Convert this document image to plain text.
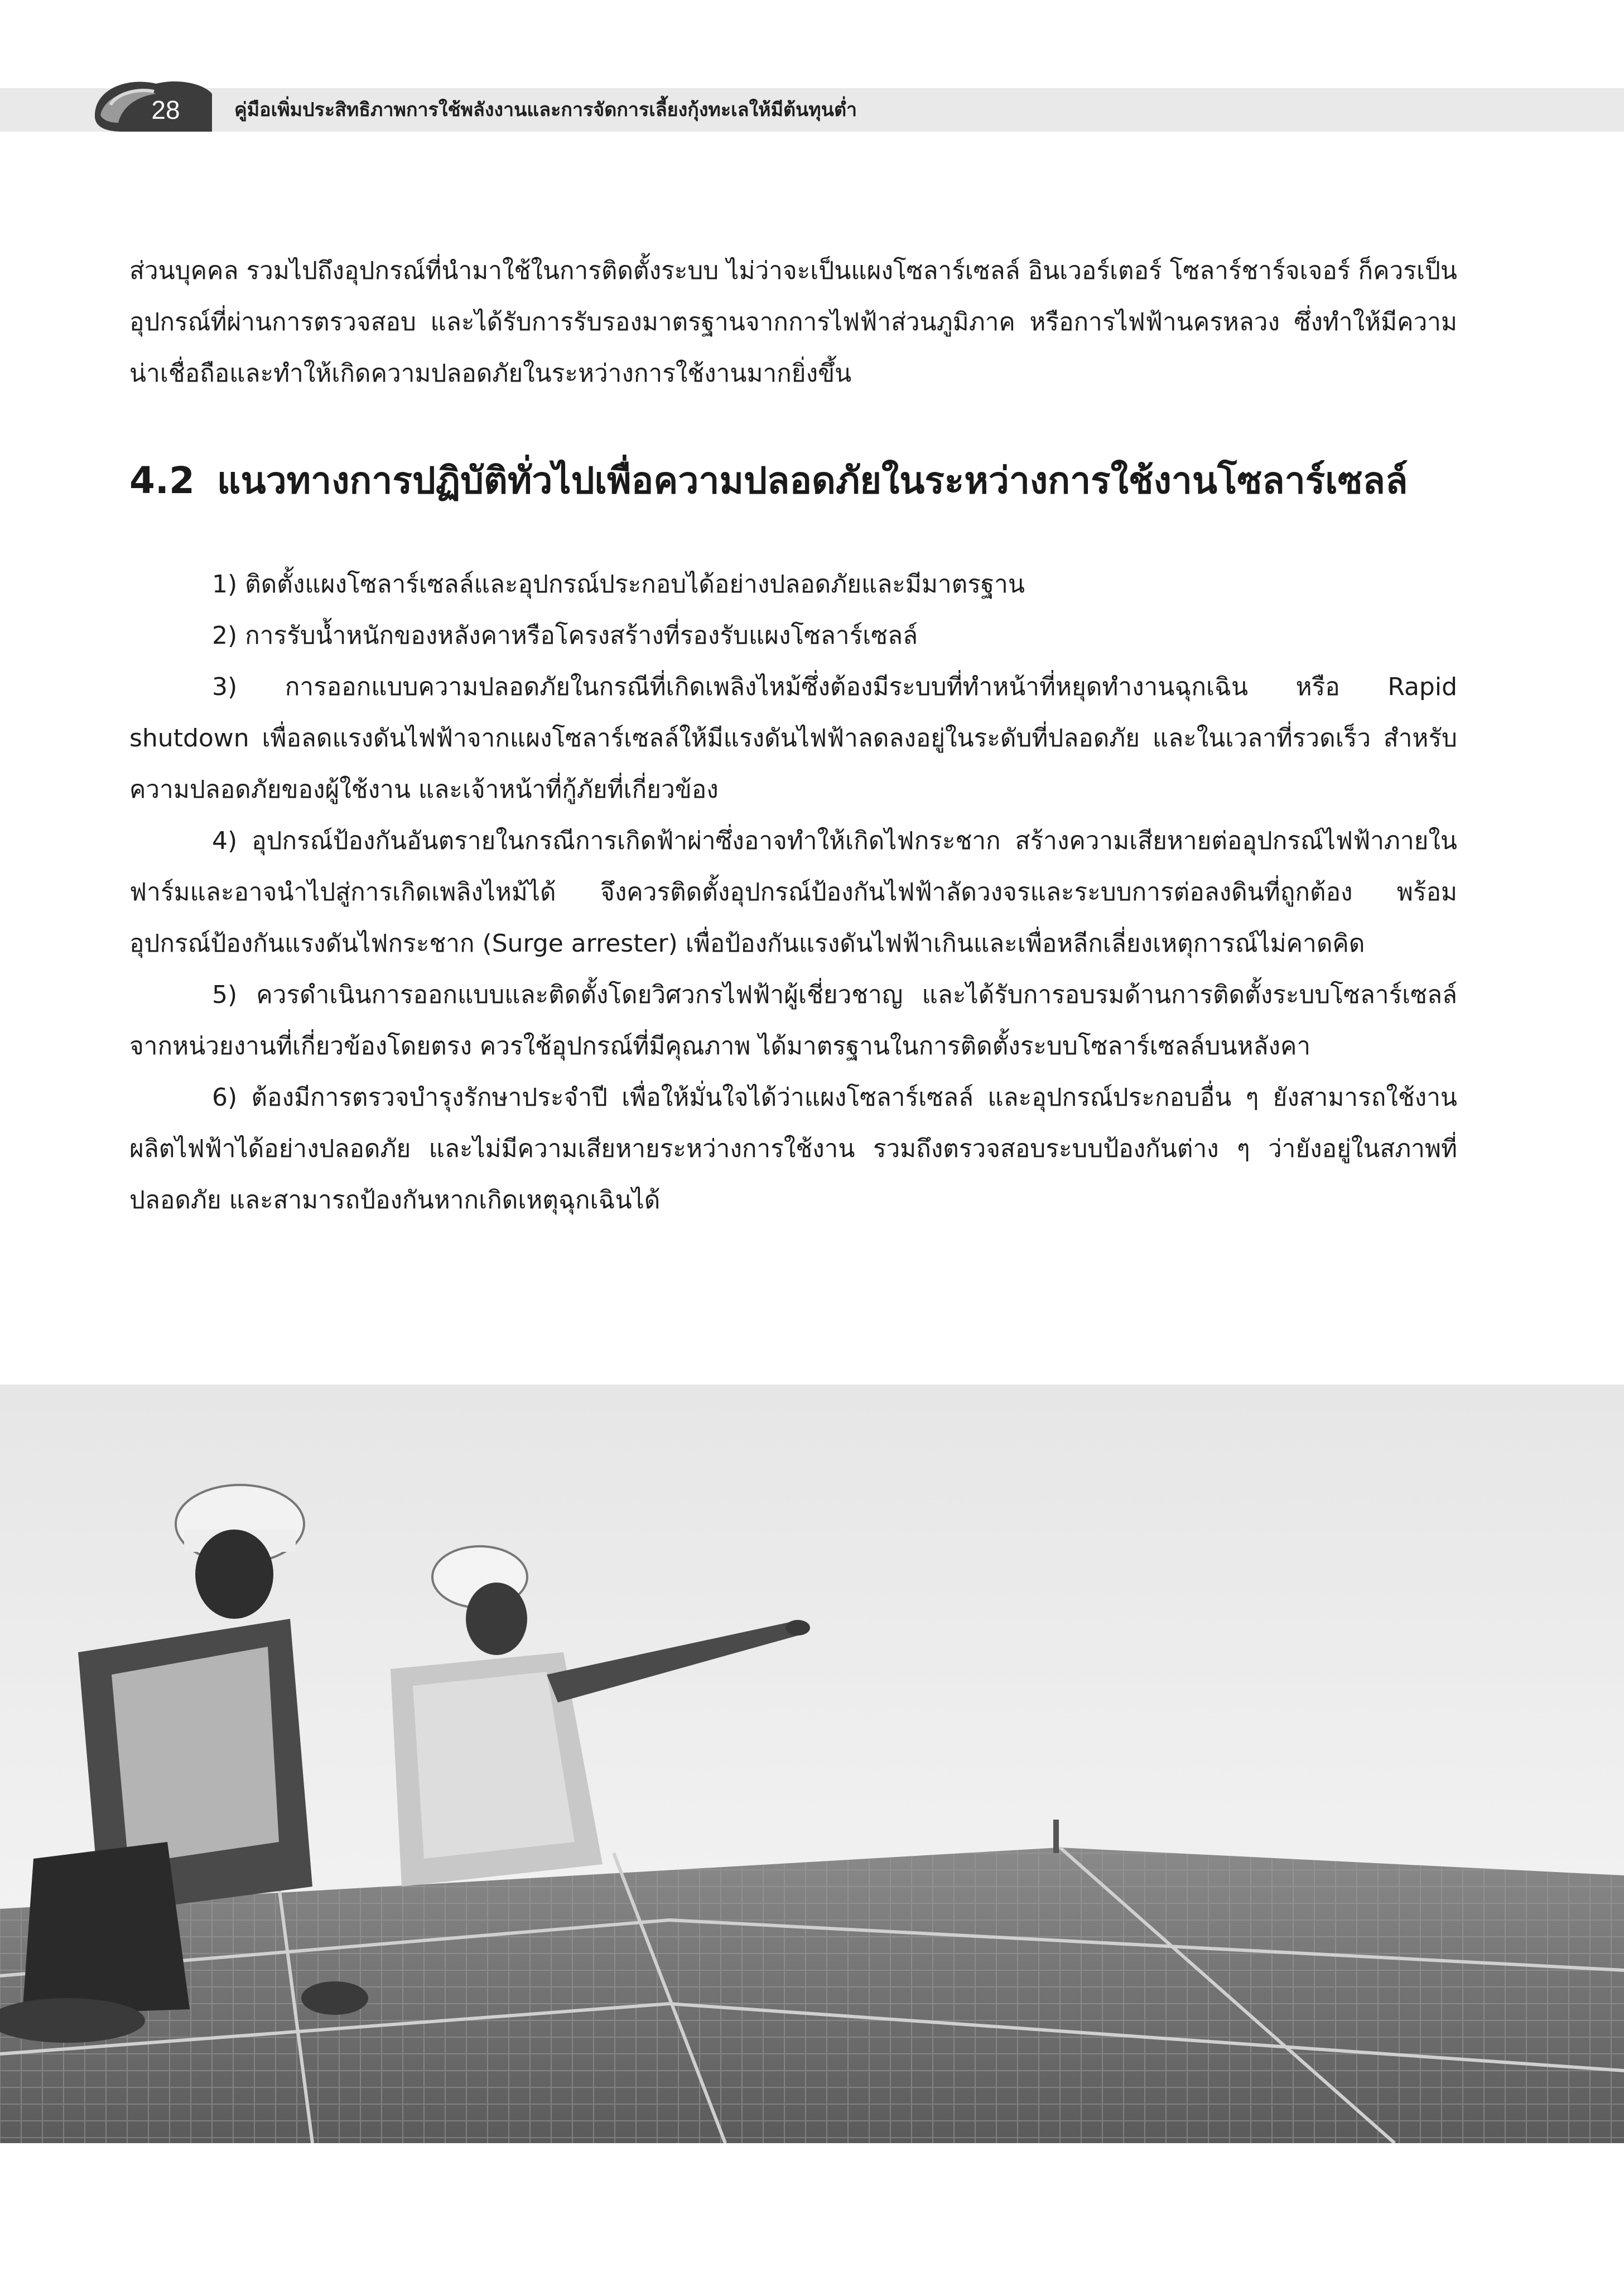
28	คู่มือเพิ่มประสิทธิภาพการใช้พลังงานและการจัดการเลี้ยงกุ้งทะเลให้มีต้นทุนต่ำ

ส่วนบุคคล รวมไปถึงอุปกรณ์ที่นำมาใช้ในการติดตั้งระบบ ไม่ว่าจะเป็นแผงโซลาร์เซลล์ อินเวอร์เตอร์ โซลาร์ชาร์จเจอร์ ก็ควรเป็นอุปกรณ์ที่ผ่านการตรวจสอบ และได้รับการรับรองมาตรฐานจากการไฟฟ้าส่วนภูมิภาค หรือการไฟฟ้านครหลวง ซึ่งทำให้มีความน่าเชื่อถือและทำให้เกิดความปลอดภัยในระหว่างการใช้งานมากยิ่งขึ้น

4.2 แนวทางการปฏิบัติทั่วไปเพื่อความปลอดภัยในระหว่างการใช้งานโซลาร์เซลล์

1) ติดตั้งแผงโซลาร์เซลล์และอุปกรณ์ประกอบได้อย่างปลอดภัยและมีมาตรฐาน

2) การรับน้ำหนักของหลังคาหรือโครงสร้างที่รองรับแผงโซลาร์เซลล์

3) การออกแบบความปลอดภัยในกรณีที่เกิดเพลิงไหม้ซึ่งต้องมีระบบที่ทำหน้าที่หยุดทำงานฉุกเฉิน หรือ Rapid shutdown เพื่อลดแรงดันไฟฟ้าจากแผงโซลาร์เซลล์ให้มีแรงดันไฟฟ้าลดลงอยู่ในระดับที่ปลอดภัย และในเวลาที่รวดเร็ว สำหรับความปลอดภัยของผู้ใช้งาน และเจ้าหน้าที่กู้ภัยที่เกี่ยวข้อง

4) อุปกรณ์ป้องกันอันตรายในกรณีการเกิดฟ้าผ่าซึ่งอาจทำให้เกิดไฟกระชาก สร้างความเสียหายต่ออุปกรณ์ไฟฟ้าภายในฟาร์มและอาจนำไปสู่การเกิดเพลิงไหม้ได้ จึงควรติดตั้งอุปกรณ์ป้องกันไฟฟ้าลัดวงจรและระบบการต่อลงดินที่ถูกต้อง พร้อมอุปกรณ์ป้องกันแรงดันไฟกระชาก (Surge arrester) เพื่อป้องกันแรงดันไฟฟ้าเกินและเพื่อหลีกเลี่ยงเหตุการณ์ไม่คาดคิด

5) ควรดำเนินการออกแบบและติดตั้งโดยวิศวกรไฟฟ้าผู้เชี่ยวชาญ และได้รับการอบรมด้านการติดตั้งระบบโซลาร์เซลล์จากหน่วยงานที่เกี่ยวข้องโดยตรง ควรใช้อุปกรณ์ที่มีคุณภาพ ได้มาตรฐานในการติดตั้งระบบโซลาร์เซลล์บนหลังคา

6) ต้องมีการตรวจบำรุงรักษาประจำปี เพื่อให้มั่นใจได้ว่าแผงโซลาร์เซลล์ และอุปกรณ์ประกอบอื่น ๆ ยังสามารถใช้งานผลิตไฟฟ้าได้อย่างปลอดภัย และไม่มีความเสียหายระหว่างการใช้งาน รวมถึงตรวจสอบระบบป้องกันต่าง ๆ ว่ายังอยู่ในสภาพที่ปลอดภัย และสามารถป้องกันหากเกิดเหตุฉุกเฉินได้
